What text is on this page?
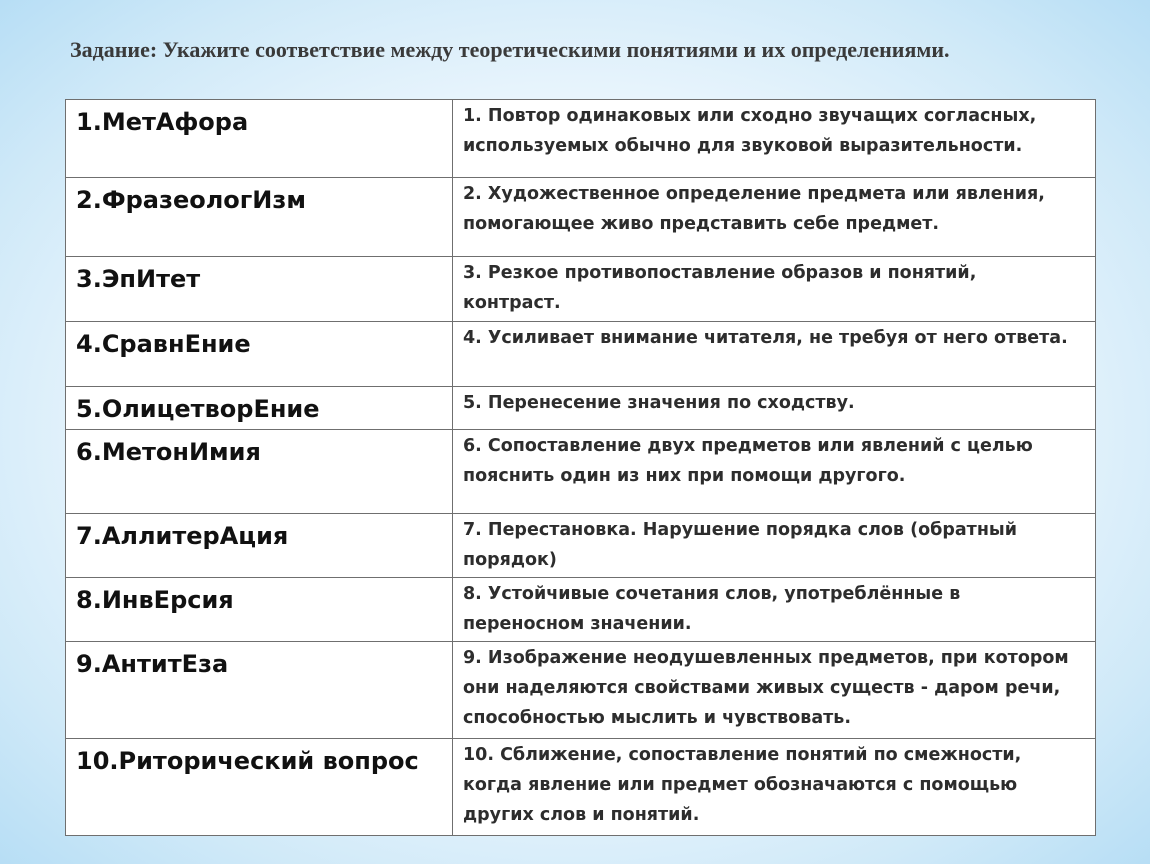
Задание: Укажите соответствие между теоретическими понятиями и их определениями.
1.МетАфора	1. Повтор одинаковых или сходно звучащих согласных, используемых обычно для звуковой выразительности.

2.ФразеологИзм	2. Художественное определение предмета или явления, помогающее живо представить себе предмет.

3.ЭпИтет	3. Резкое противопоставление образов и понятий, контраст.

4.СравнЕние	4. Усиливает внимание читателя, не требуя от него ответа.

5.ОлицетворЕние	5. Перенесение значения по сходству.

6.МетонИмия	6. Сопоставление двух предметов или явлений с целью пояснить один из них при помощи другого.

7.АллитерАция	7. Перестановка. Нарушение порядка слов (обратный порядок)

8.ИнвЕрсия	8. Устойчивые сочетания слов, употреблённые в переносном значении.

9.АнтитЕза	9. Изображение неодушевленных предметов, при котором они наделяются свойствами живых существ - даром речи, способностью мыслить и чувствовать.

10.Риторический вопрос	10. Сближение, сопоставление понятий по смежности, когда явление или предмет обозначаются с помощью других слов и понятий.
